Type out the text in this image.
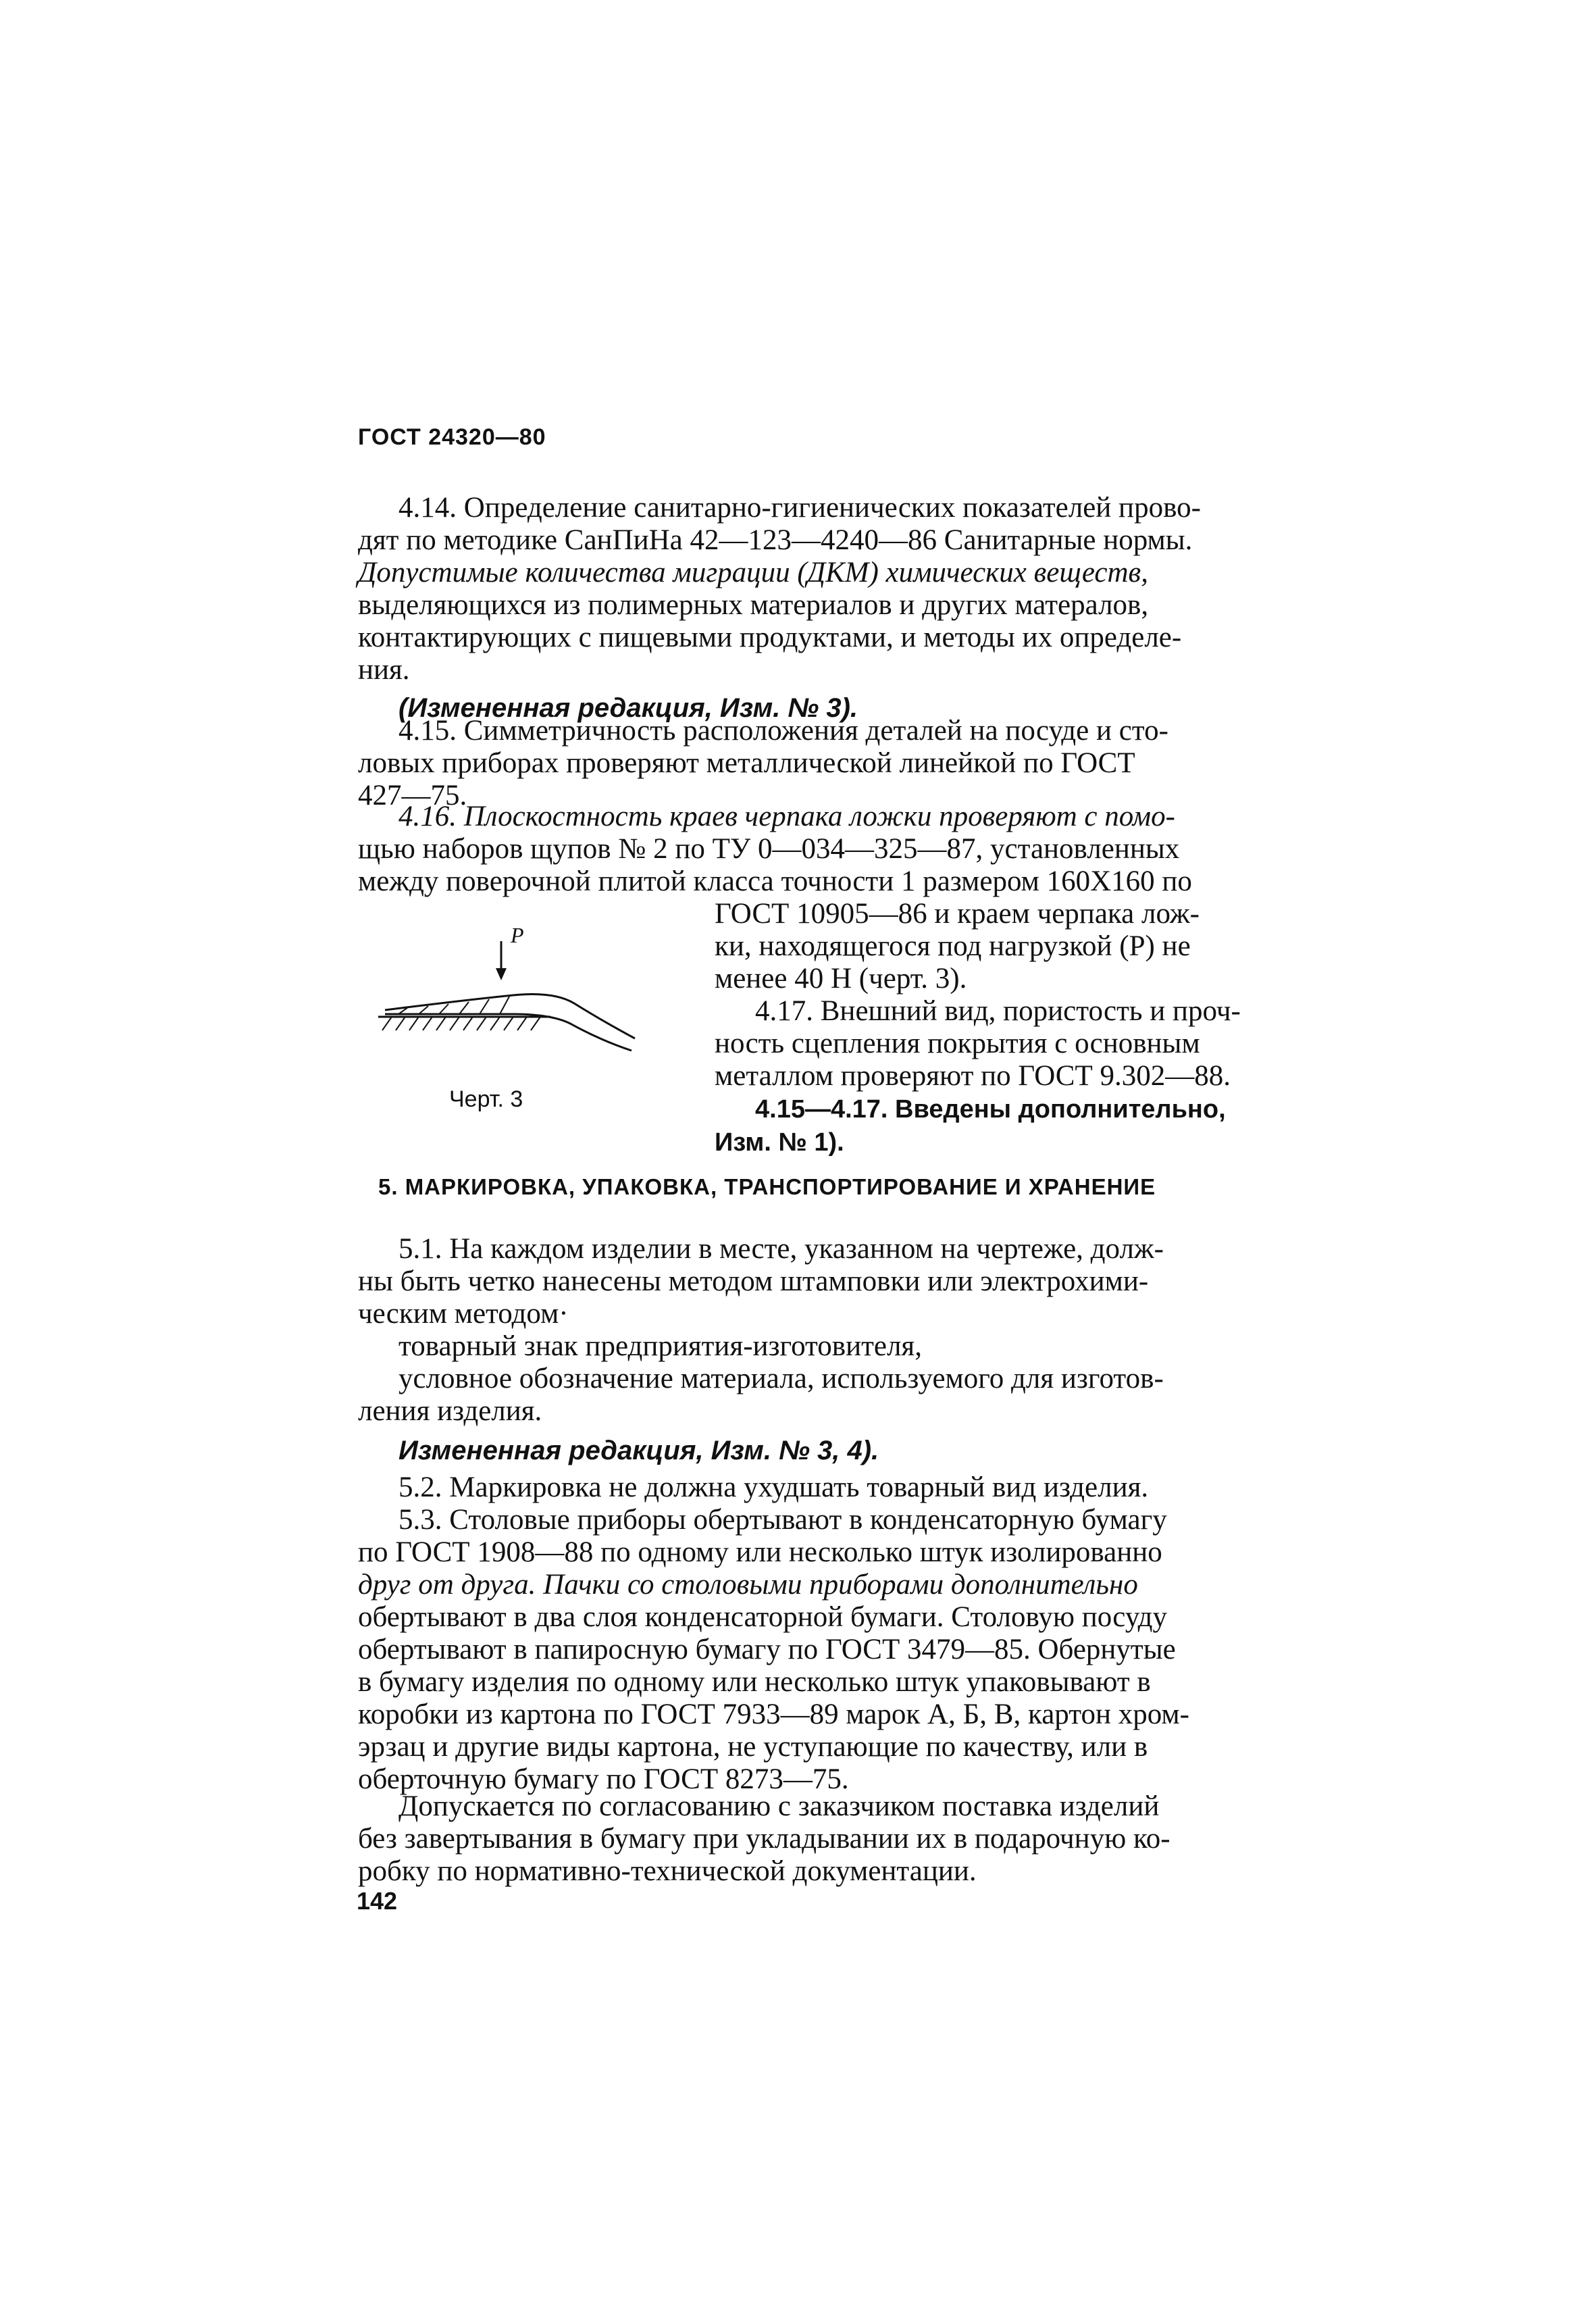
ГОСТ 24320—80

4.14. Определение санитарно-гигиенических показателей прово-

дят по методике СанПиНа 42—123—4240—86 Санитарные нормы.

Допустимые количества миграции (ДКМ) химических веществ,

выделяющихся из полимерных материалов и других матералов,

контактирующих с пищевыми продуктами, и методы их определе-

ния.

(Измененная редакция, Изм. № 3).

4.15. Симметричность расположения деталей на посуде и сто-

ловых приборах проверяют металлической линейкой по ГОСТ

427—75.

4.16. Плоскостность краев черпака ложки проверяют с помо-

щью наборов щупов № 2 по ТУ 0—034—325—87, установленных

между поверочной плитой класса точности 1 размером 160Х160 по

ГОСТ 10905—86 и краем черпака лож-

ки, находящегося под нагрузкой (P) не

менее 40 Н (черт. 3).

4.17. Внешний вид, пористость и проч-

ность сцепления покрытия с основным

металлом проверяют по ГОСТ 9.302—88.

4.15—4.17. Введены дополнительно,

Изм. № 1).

P
Черт. 3
5. МАРКИРОВКА, УПАКОВКА, ТРАНСПОРТИРОВАНИЕ И ХРАНЕНИЕ

5.1. На каждом изделии в месте, указанном на чертеже, долж-

ны быть четко нанесены методом штамповки или электрохими-

ческим методом·

товарный знак предприятия-изготовителя,

условное обозначение материала, используемого для изготов-

ления изделия.

Измененная редакция, Изм. № 3, 4).

5.2. Маркировка не должна ухудшать товарный вид изделия.

5.3. Столовые приборы обертывают в конденсаторную бумагу

по ГОСТ 1908—88 по одному или несколько штук изолированно

друг от друга. Пачки со столовыми приборами дополнительно

обертывают в два слоя конденсаторной бумаги. Столовую посуду

обертывают в папиросную бумагу по ГОСТ 3479—85. Обернутые

в бумагу изделия по одному или несколько штук упаковывают в

коробки из картона по ГОСТ 7933—89 марок А, Б, В, картон хром-

эрзац и другие виды картона, не уступающие по качеству, или в

оберточную бумагу по ГОСТ 8273—75.

Допускается по согласованию с заказчиком поставка изделий

без завертывания в бумагу при укладывании их в подарочную ко-

робку по нормативно-технической документации.

142
